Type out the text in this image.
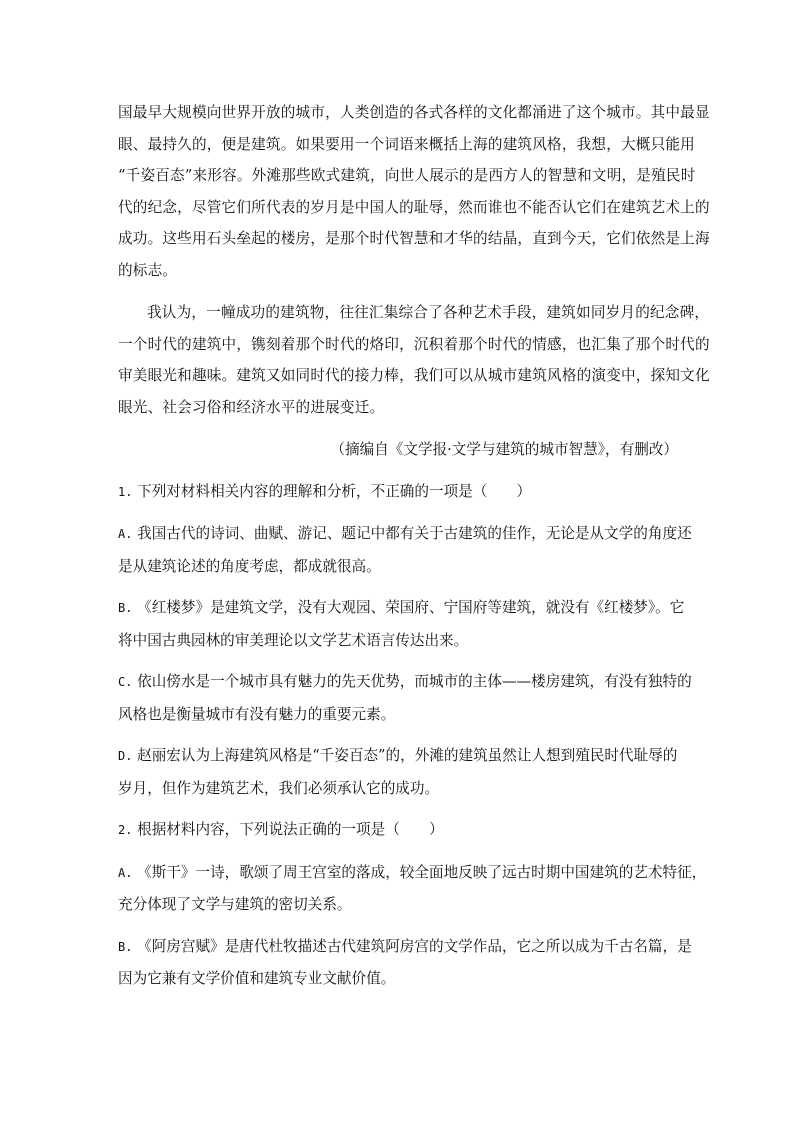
国最早大规模向世界开放的城市，人类创造的各式各样的文化都涌进了这个城市。其中最显
眼、最持久的，便是建筑。如果要用一个词语来概括上海的建筑风格，我想，大概只能用
“千姿百态”来形容。外滩那些欧式建筑，向世人展示的是西方人的智慧和文明，是殖民时
代的纪念，尽管它们所代表的岁月是中国人的耻辱，然而谁也不能否认它们在建筑艺术上的
成功。这些用石头垒起的楼房，是那个时代智慧和才华的结晶，直到今天，它们依然是上海
的标志。

我认为，一幢成功的建筑物，往往汇集综合了各种艺术手段，建筑如同岁月的纪念碑，
一个时代的建筑中，镌刻着那个时代的烙印，沉积着那个时代的情感，也汇集了那个时代的
审美眼光和趣味。建筑又如同时代的接力棒，我们可以从城市建筑风格的演变中，探知文化
眼光、社会习俗和经济水平的进展变迁。

（摘编自《文学报·文学与建筑的城市智慧》，有删改）
1. 下列对材料相关内容的理解和分析，不正确的一项是（　　）
A. 我国古代的诗词、曲赋、游记、题记中都有关于古建筑的佳作，无论是从文学的角度还
是从建筑论述的角度考虑，都成就很高。
B. 《红楼梦》是建筑文学，没有大观园、荣国府、宁国府等建筑，就没有《红楼梦》。它
将中国古典园林的审美理论以文学艺术语言传达出来。
C. 依山傍水是一个城市具有魅力的先天优势，而城市的主体——楼房建筑，有没有独特的
风格也是衡量城市有没有魅力的重要元素。
D. 赵丽宏认为上海建筑风格是“千姿百态”的，外滩的建筑虽然让人想到殖民时代耻辱的
岁月，但作为建筑艺术，我们必须承认它的成功。
2. 根据材料内容，下列说法正确的一项是（　　）
A. 《斯干》一诗，歌颂了周王宫室的落成，较全面地反映了远古时期中国建筑的艺术特征，
充分体现了文学与建筑的密切关系。
B. 《阿房宫赋》是唐代杜牧描述古代建筑阿房宫的文学作品，它之所以成为千古名篇，是
因为它兼有文学价值和建筑专业文献价值。
